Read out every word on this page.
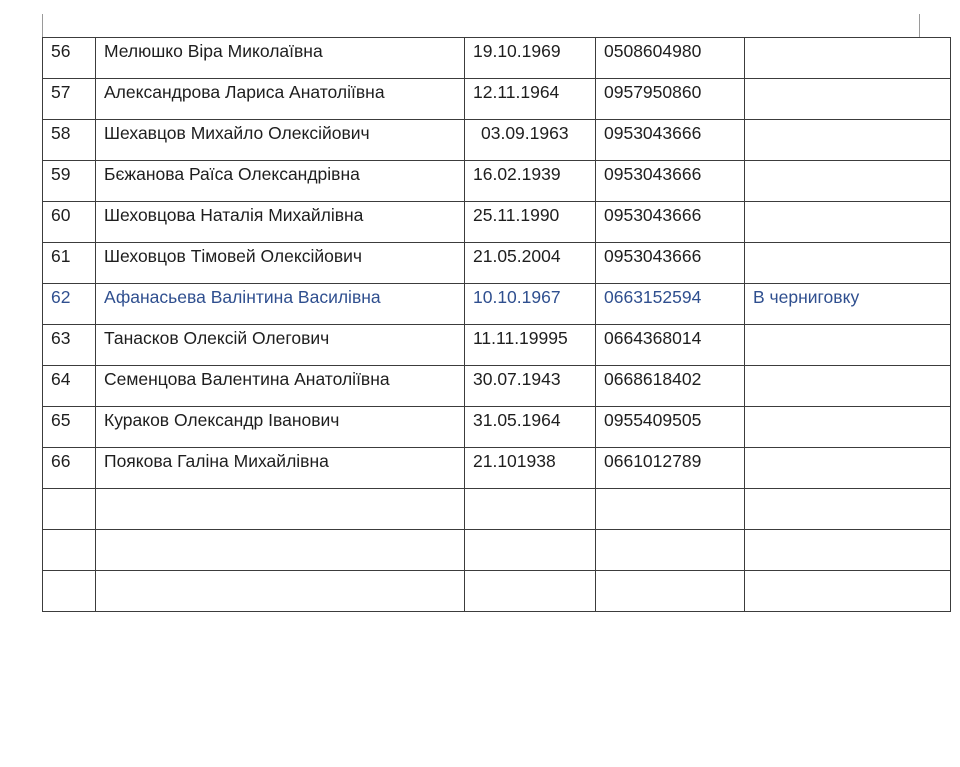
56	Мелюшко Віра Миколаївна	19.10.1969	0508604980	
57	Александрова Лариса Анатоліївна	12.11.1964	0957950860	
58	Шехавцов Михайло Олексійович	03.09.1963	0953043666	
59	Бєжанова Раїса Олександрівна	16.02.1939	0953043666	
60	Шеховцова Наталія Михайлівна	25.11.1990	0953043666	
61	Шеховцов Тімовей Олексійович	21.05.2004	0953043666	
62	Афанасьева Валінтина Василівна	10.10.1967	0663152594	В черниговку
63	Танасков Олексій Олегович	11.11.19995	0664368014	
64	Семенцова Валентина Анатоліївна	30.07.1943	0668618402	
65	Кураков Олександр Іванович	31.05.1964	0955409505	
66	Поякова Галіна Михайлівна	21.101938	0661012789	
